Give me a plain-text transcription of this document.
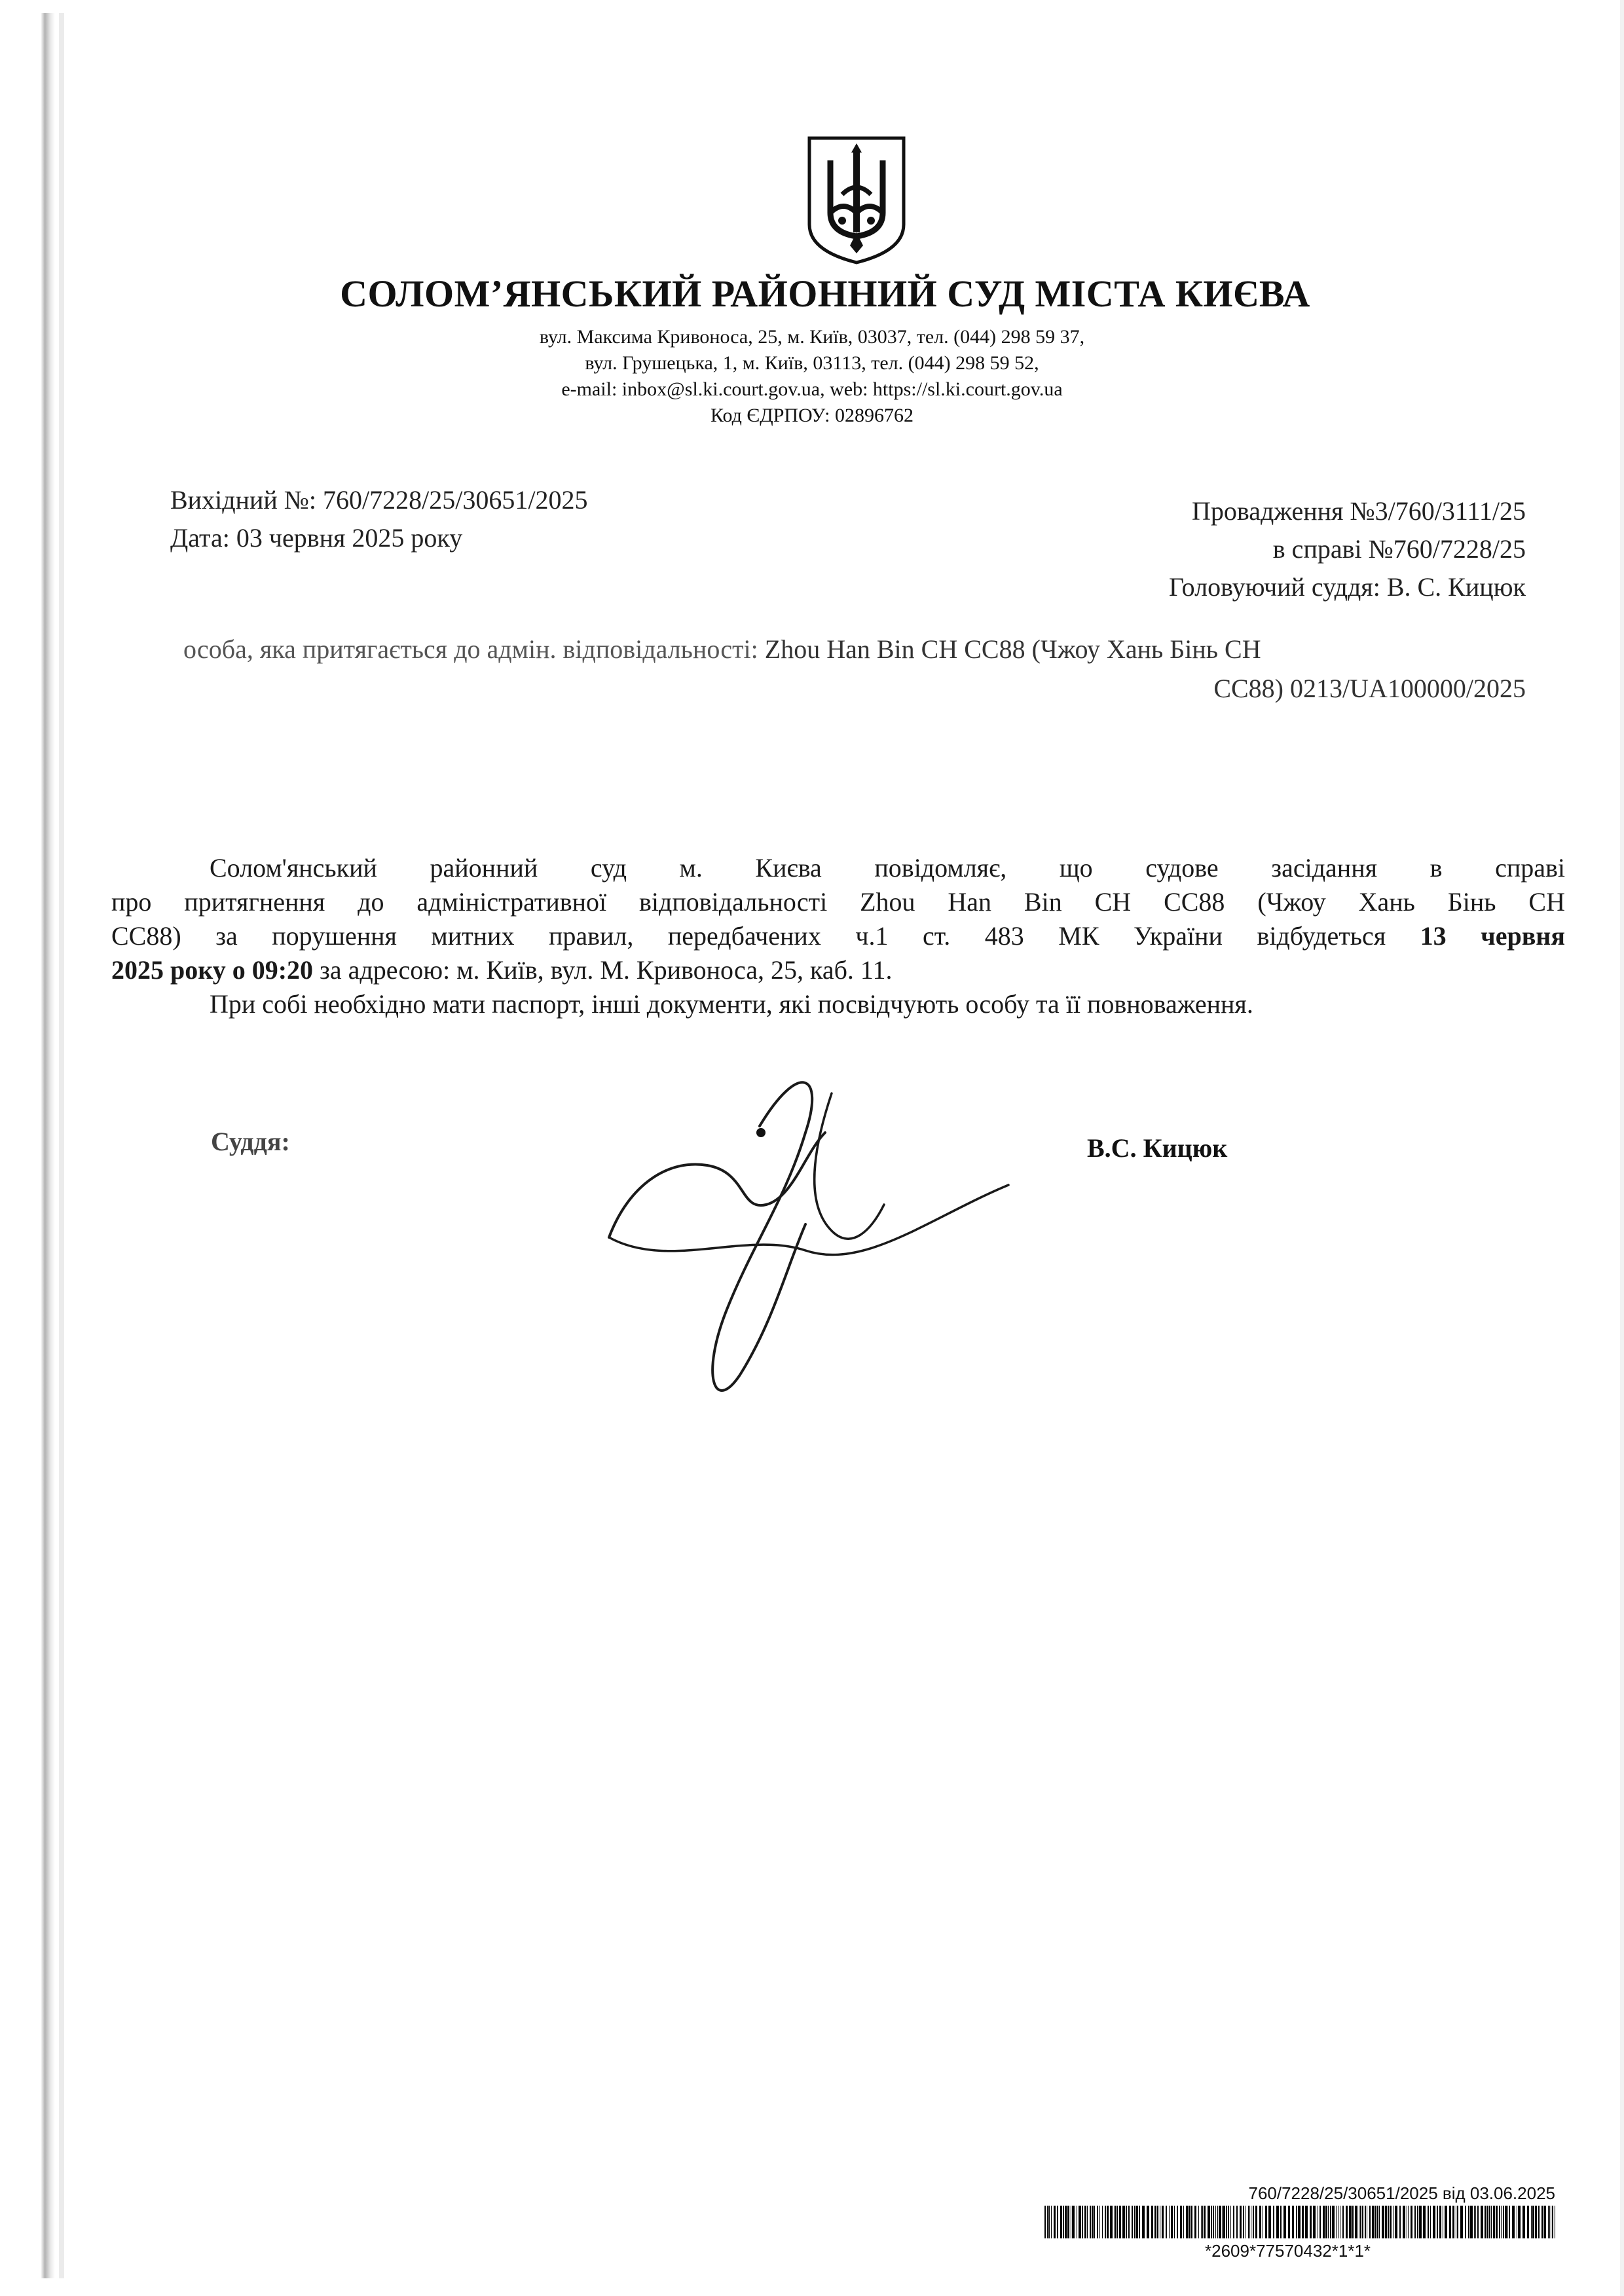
СОЛОМ’ЯНСЬКИЙ РАЙОННИЙ СУД МІСТА КИЄВА
вул. Максима Кривоноса, 25, м. Київ, 03037, тел. (044) 298 59 37,
вул. Грушецька, 1, м. Київ, 03113, тел. (044) 298 59 52,
e-mail: inbox@sl.ki.court.gov.ua, web: https://sl.ki.court.gov.ua
Код ЄДРПОУ: 02896762
Вихідний №: 760/7228/25/30651/2025
Дата: 03 червня 2025 року
Провадження №3/760/3111/25
в справі №760/7228/25
Головуючий суддя: В. С. Кицюк
особа, яка притягається до адмін. відповідальності: Zhou Han Bin CH CC88 (Чжоу Хань Бінь CH
CC88) 0213/UA100000/2025

Солом'янський районний суд м. Києва повідомляє, що судове засідання в справі

про притягнення до адміністративної відповідальності Zhou Han Bin CH CC88 (Чжоу Хань Бінь CH

CC88) за порушення митних правил, передбачених ч.1 ст. 483 МК України відбудеться 13 червня

2025 року о 09:20 за адресою: м. Київ, вул. М. Кривоноса, 25, каб. 11.

При собі необхідно мати паспорт, інші документи, які посвідчують особу та її повноваження.

Суддя:	В.С. Кицюк
760/7228/25/30651/2025 від 03.06.2025
*2609*77570432*1*1*
